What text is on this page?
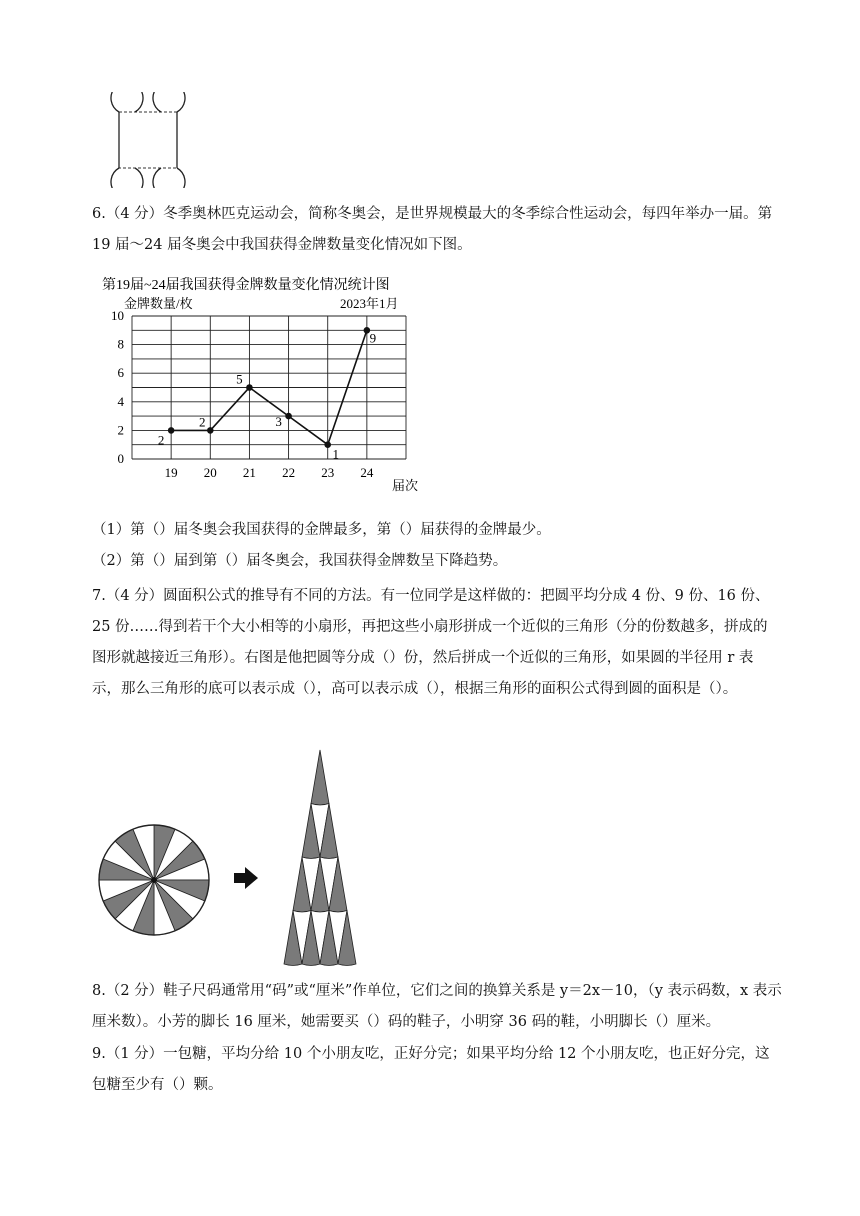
6.（4 分）冬季奥林匹克运动会，简称冬奥会，是世界规模最大的冬季综合性运动会，每四年举办一届。第 19 届～24 届冬奥会中我国获得金牌数量变化情况如下图。
第19届~24届我国获得金牌数量变化情况统计图
金牌数量/枚	2023年1月
届次
0
2
4
6
8
10
19 20 21 22 23 24
2
2
5
3
1
9
（1）第（）届冬奥会我国获得的金牌最多，第（）届获得的金牌最少。
（2）第（）届到第（）届冬奥会，我国获得金牌数呈下降趋势。
7.（4 分）圆面积公式的推导有不同的方法。有一位同学是这样做的：把圆平均分成 4 份、9 份、16 份、25 份……得到若干个大小相等的小扇形，再把这些小扇形拼成一个近似的三角形（分的份数越多，拼成的图形就越接近三角形）。右图是他把圆等分成（）份，然后拼成一个近似的三角形，如果圆的半径用 r 表示，那么三角形的底可以表示成（），高可以表示成（），根据三角形的面积公式得到圆的面积是（）。
8.（2 分）鞋子尺码通常用“码”或“厘米”作单位，它们之间的换算关系是 y＝2x－10，（y 表示码数，x 表示厘米数）。小芳的脚长 16 厘米，她需要买（）码的鞋子，小明穿 36 码的鞋，小明脚长（）厘米。
9.（1 分）一包糖，平均分给 10 个小朋友吃，正好分完；如果平均分给 12 个小朋友吃，也正好分完，这包糖至少有（）颗。
